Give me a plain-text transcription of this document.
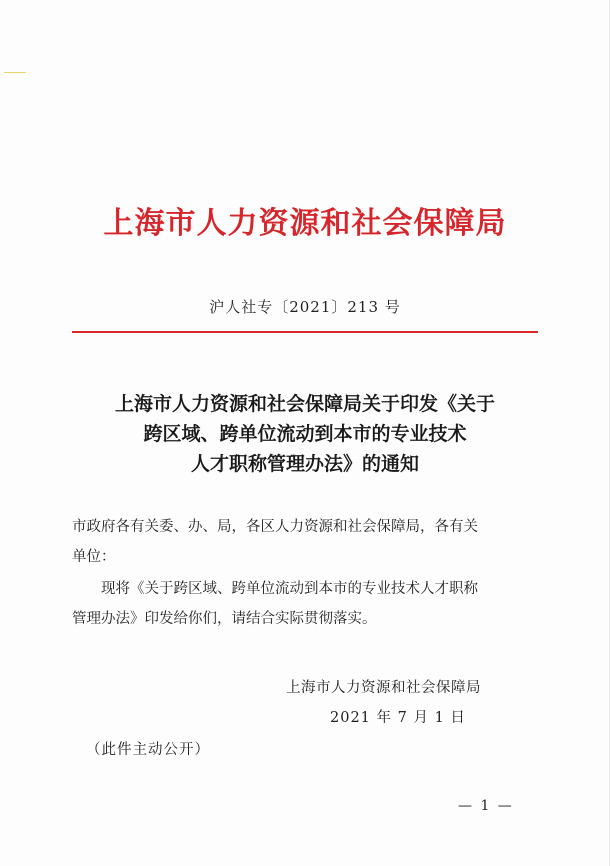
上海市人力资源和社会保障局
沪人社专〔2021〕213 号
上海市人力资源和社会保障局关于印发《关于
跨区域、跨单位流动到本市的专业技术
人才职称管理办法》的通知
市政府各有关委、办、局，各区人力资源和社会保障局，各有关
单位：
现将《关于跨区域、跨单位流动到本市的专业技术人才职称
管理办法》印发给你们，请结合实际贯彻落实。
上海市人力资源和社会保障局
2021 年 7 月 1 日
（此件主动公开）
— 1 —
